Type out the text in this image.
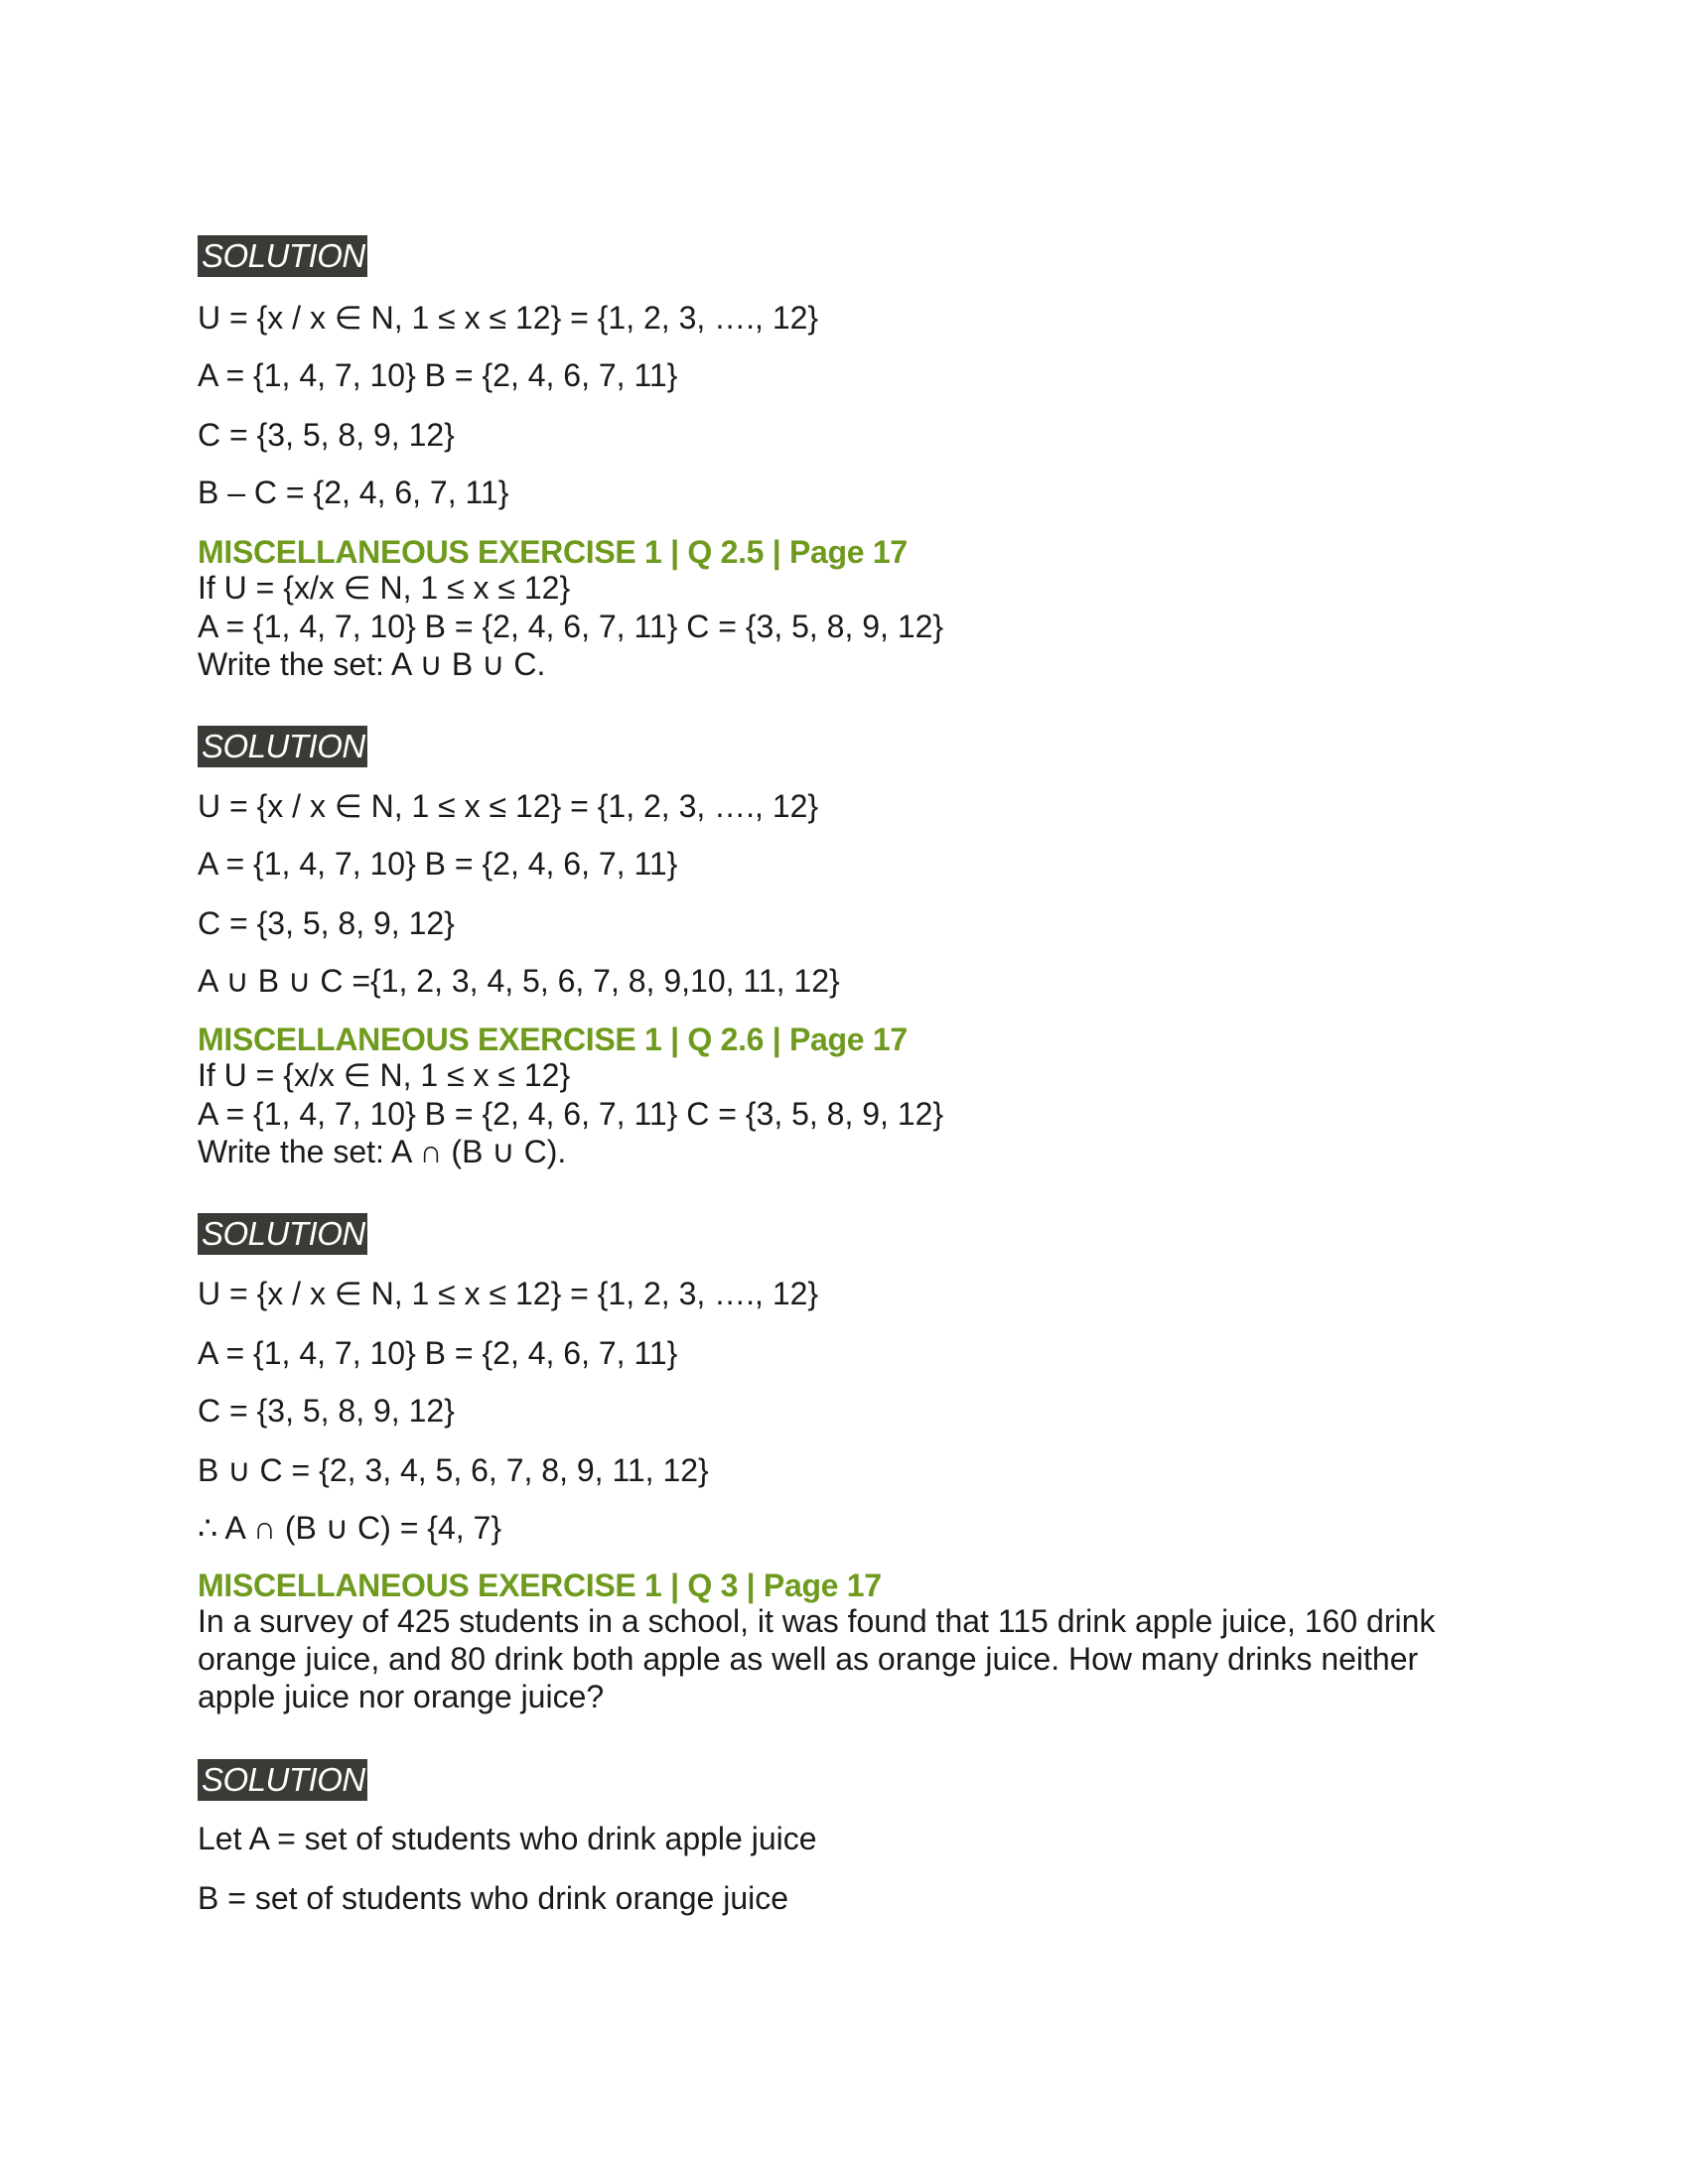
SOLUTION
U = {x / x ∈ N, 1 ≤ x ≤ 12} = {1, 2, 3, …., 12}
A = {1, 4, 7, 10} B = {2, 4, 6, 7, 11}
C = {3, 5, 8, 9, 12}
B – C = {2, 4, 6, 7, 11}
MISCELLANEOUS EXERCISE 1 | Q 2.5 | Page 17
If U = {x/x ∈ N, 1 ≤ x ≤ 12}
A = {1, 4, 7, 10} B = {2, 4, 6, 7, 11} C = {3, 5, 8, 9, 12}
Write the set: A ∪ B ∪ C.
SOLUTION
U = {x / x ∈ N, 1 ≤ x ≤ 12} = {1, 2, 3, …., 12}
A = {1, 4, 7, 10} B = {2, 4, 6, 7, 11}
C = {3, 5, 8, 9, 12}
A ∪ B ∪ C ={1, 2, 3, 4, 5, 6, 7, 8, 9,10, 11, 12}
MISCELLANEOUS EXERCISE 1 | Q 2.6 | Page 17
If U = {x/x ∈ N, 1 ≤ x ≤ 12}
A = {1, 4, 7, 10} B = {2, 4, 6, 7, 11} C = {3, 5, 8, 9, 12}
Write the set: A ∩ (B ∪ C).
SOLUTION
U = {x / x ∈ N, 1 ≤ x ≤ 12} = {1, 2, 3, …., 12}
A = {1, 4, 7, 10} B = {2, 4, 6, 7, 11}
C = {3, 5, 8, 9, 12}
B ∪ C = {2, 3, 4, 5, 6, 7, 8, 9, 11, 12}
∴ A ∩ (B ∪ C) = {4, 7}
MISCELLANEOUS EXERCISE 1 | Q 3 | Page 17
In a survey of 425 students in a school, it was found that 115 drink apple juice, 160 drink orange juice, and 80 drink both apple as well as orange juice. How many drinks neither apple juice nor orange juice?
SOLUTION
Let A = set of students who drink apple juice
B = set of students who drink orange juice
